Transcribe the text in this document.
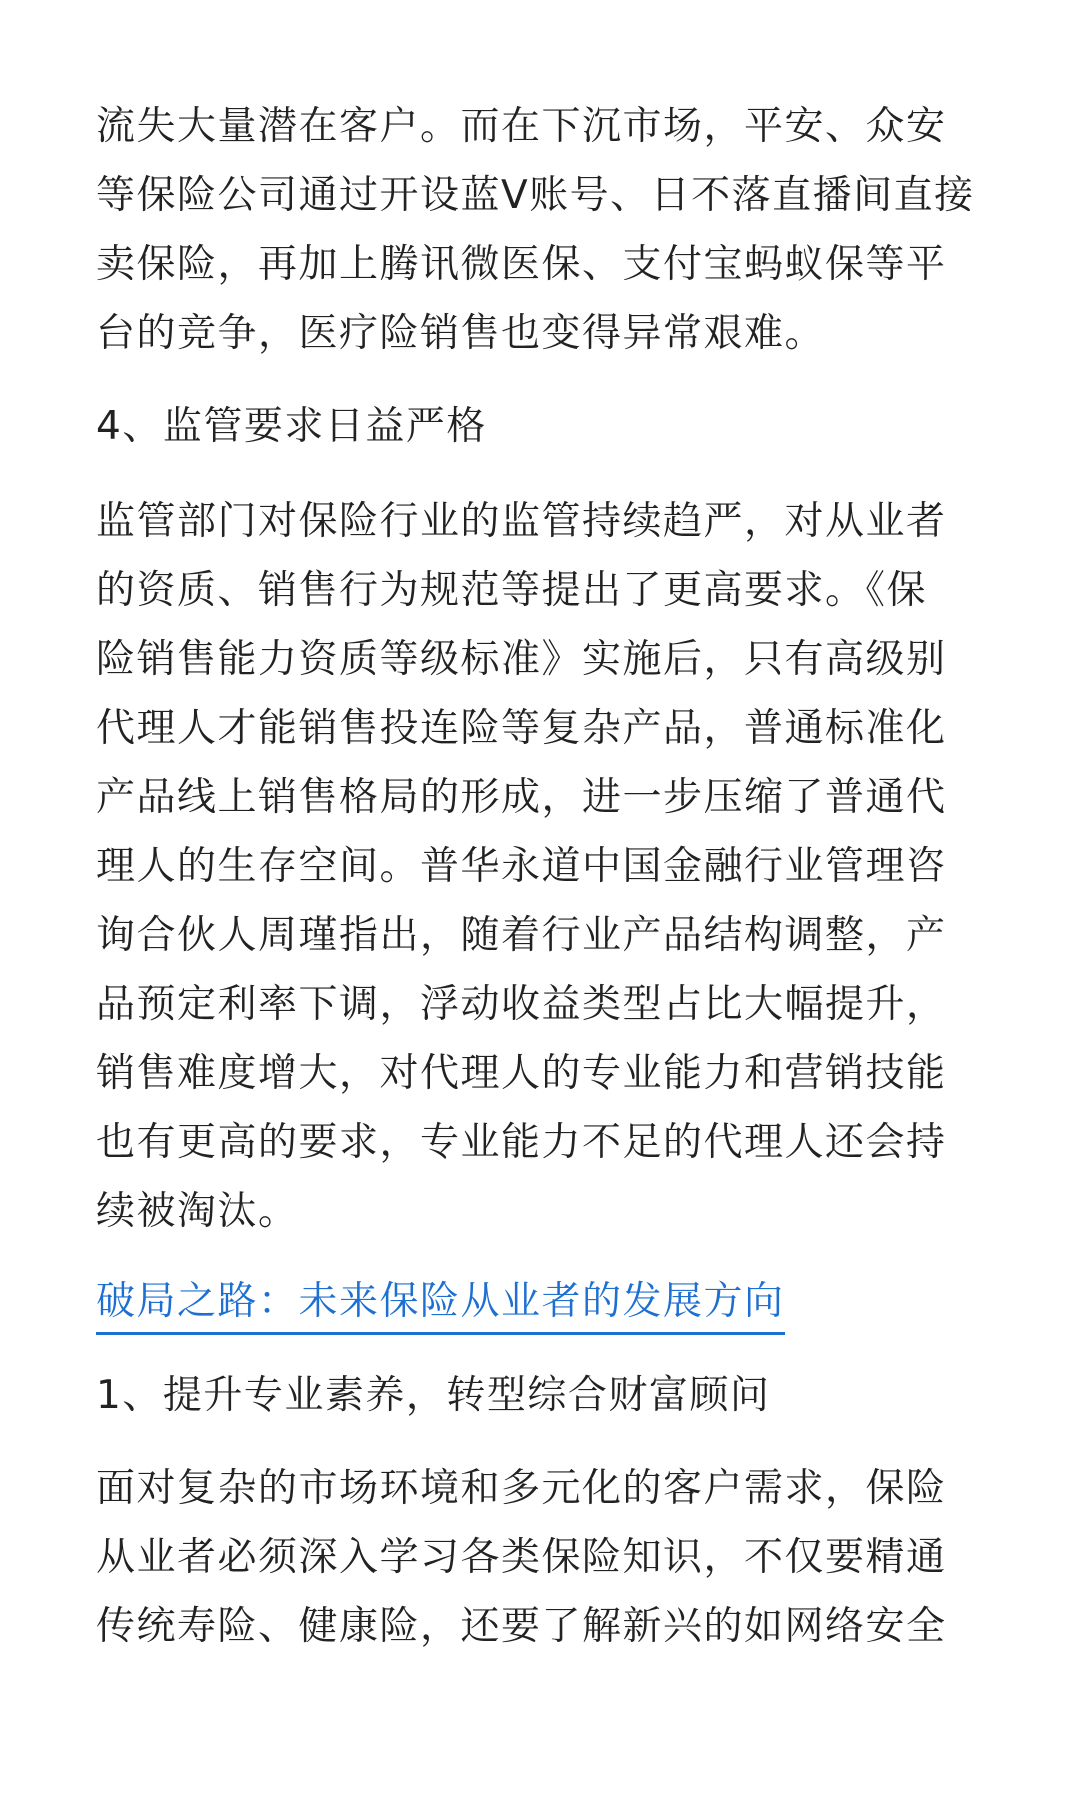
流失大量潜在客户。而在下沉市场，平安、众安
等保险公司通过开设蓝V账号、日不落直播间直接
卖保险，再加上腾讯微医保、支付宝蚂蚁保等平
台的竞争，医疗险销售也变得异常艰难。

4、监管要求日益严格

监管部门对保险行业的监管持续趋严，对从业者
的资质、销售行为规范等提出了更高要求。《保
险销售能力资质等级标准》实施后，只有高级别
代理人才能销售投连险等复杂产品，普通标准化
产品线上销售格局的形成，进一步压缩了普通代
理人的生存空间。普华永道中国金融行业管理咨
询合伙人周瑾指出，随着行业产品结构调整，产
品预定利率下调，浮动收益类型占比大幅提升，
销售难度增大，对代理人的专业能力和营销技能
也有更高的要求，专业能力不足的代理人还会持
续被淘汰。

破局之路：未来保险从业者的发展方向

1、提升专业素养，转型综合财富顾问

面对复杂的市场环境和多元化的客户需求，保险
从业者必须深入学习各类保险知识，不仅要精通
传统寿险、健康险，还要了解新兴的如网络安全
